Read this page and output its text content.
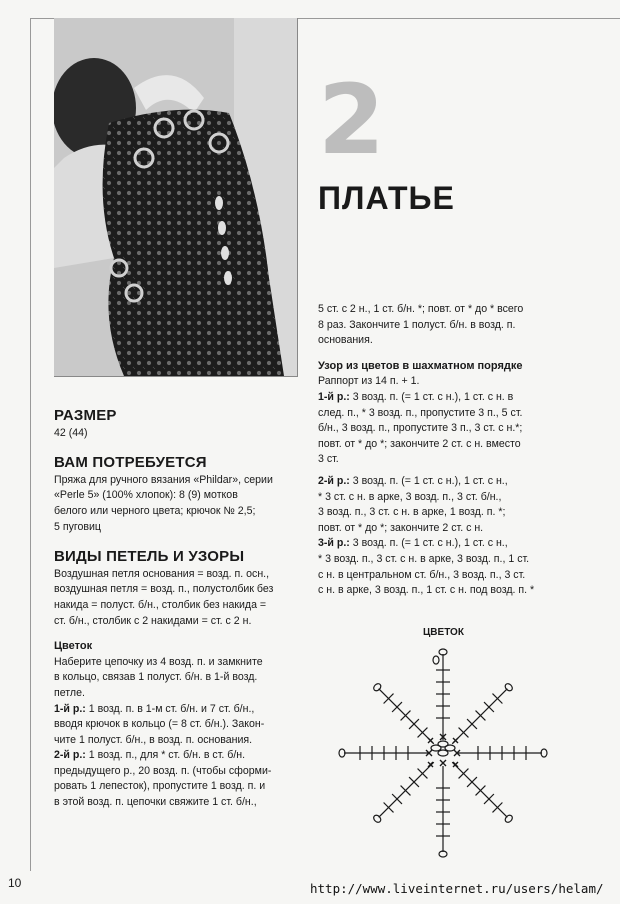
2
ПЛАТЬЕ
РАЗМЕР

42 (44)

ВАМ ПОТРЕБУЕТСЯ

Пряжа для ручного вязания «Phildar», серии

«Perle 5» (100% хлопок): 8 (9) мотков

белого или черного цвета; крючок № 2,5;

5 пуговиц

ВИДЫ ПЕТЕЛЬ И УЗОРЫ

Воздушная петля основания = возд. п. осн.,

воздушная петля = возд. п., полустолбик без

накида = полуст. б/н., столбик без накида =

ст. б/н., столбик с 2 накидами = ст. с 2 н.

Цветок

Наберите цепочку из 4 возд. п. и замкните

в кольцо, связав 1 полуст. б/н. в 1-й возд.

петле.

1-й р.: 1 возд. п. в 1-м ст. б/н. и 7 ст. б/н.,

вводя крючок в кольцо (= 8 ст. б/н.). Закон-

чите 1 полуст. б/н., в возд. п. основания.

2-й р.: 1 возд. п., для * ст. б/н. в ст. б/н.

предыдущего р., 20 возд. п. (чтобы сформи-

ровать 1 лепесток), пропустите 1 возд. п. и

в этой возд. п. цепочки свяжите 1 ст. б/н.,

5 ст. с 2 н., 1 ст. б/н. *; повт. от * до * всего

8 раз. Закончите 1 полуст. б/н. в возд. п.

основания.

Узор из цветов в шахматном порядке

Раппорт из 14 п. + 1.

1-й р.: 3 возд. п. (= 1 ст. с н.), 1 ст. с н. в

след. п., * 3 возд. п., пропустите 3 п., 5 ст.

б/н., 3 возд. п., пропустите 3 п., 3 ст. с н.*;

повт. от * до *; закончите 2 ст. с н. вместо

3 ст.

2-й р.: 3 возд. п. (= 1 ст. с н.), 1 ст. с н.,

* 3 ст. с н. в арке, 3 возд. п., 3 ст. б/н.,

3 возд. п., 3 ст. с н. в арке, 1 возд. п. *;

повт. от * до *; закончите 2 ст. с н.

3-й р.: 3 возд. п. (= 1 ст. с н.), 1 ст. с н.,

* 3 возд. п., 3 ст. с н. в арке, 3 возд. п., 1 ст.

с н. в центральном ст. б/н., 3 возд. п., 3 ст.

с н. в арке, 3 возд. п., 1 ст. с н. под возд. п. *

ЦВЕТОК
10	http://www.liveinternet.ru/users/helam/
